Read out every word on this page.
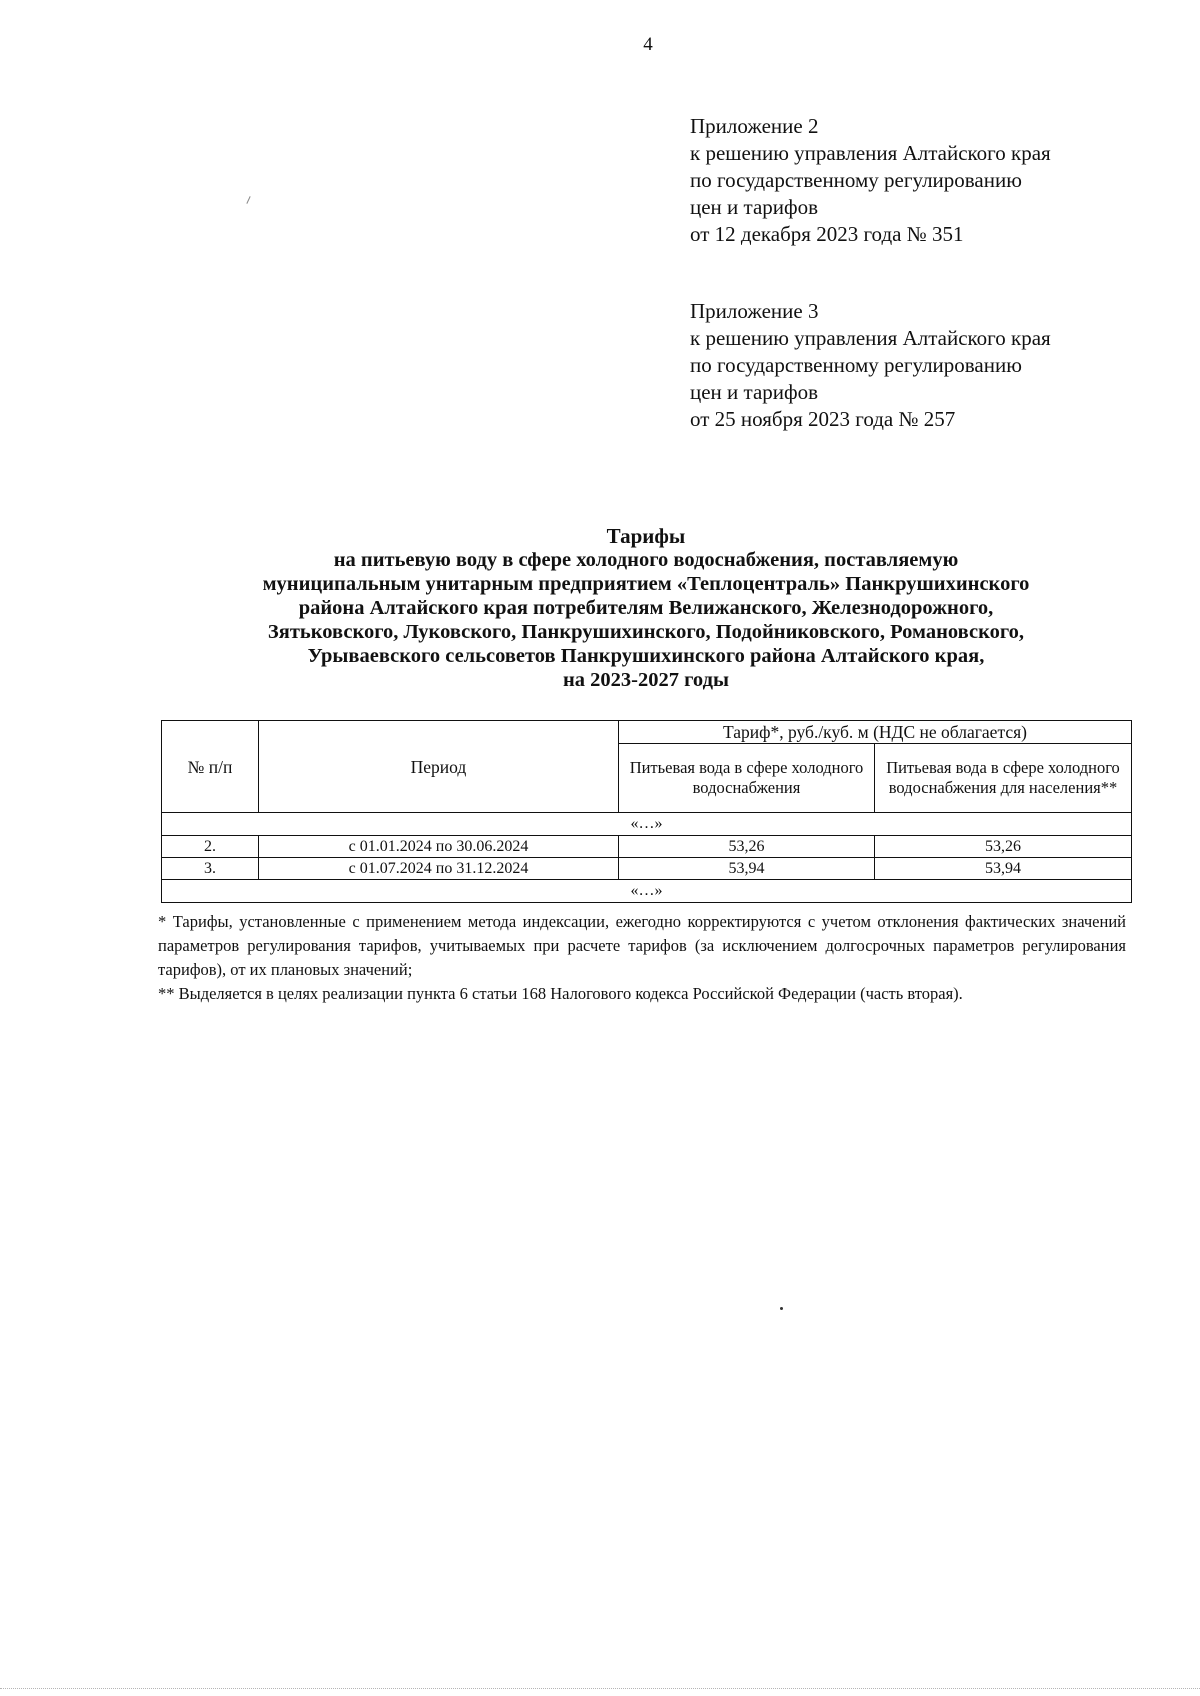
4
Приложение 2
к решению управления Алтайского края
по государственному регулированию
цен и тарифов
от 12 декабря 2023 года № 351
Приложение 3
к решению управления Алтайского края
по государственному регулированию
цен и тарифов
от 25 ноября 2023 года № 257
Тарифы
на питьевую воду в сфере холодного водоснабжения, поставляемую
муниципальным унитарным предприятием «Теплоцентраль» Панкрушихинского
района Алтайского края потребителям Велижанского, Железнодорожного,
Зятьковского, Луковского, Панкрушихинского, Подойниковского, Романовского,
Урываевского сельсоветов Панкрушихинского района Алтайского края,
на 2023-2027 годы
№ п/п	Период	Тариф*, руб./куб. м (НДС не облагается)	
		Питьевая вода в сфере холодного водоснабжения	Питьевая вода в сфере холодного водоснабжения для населения**
«…»			
2.	с 01.01.2024 по 30.06.2024	53,26	53,26
3.	с 01.07.2024 по 31.12.2024	53,94	53,94
«…»			

* Тарифы, установленные с применением метода индексации, ежегодно корректируются с учетом отклонения фактических значений параметров регулирования тарифов, учитываемых при расчете тарифов (за исключением долгосрочных параметров регулирования тарифов), от их плановых значений;

** Выделяется в целях реализации пункта 6 статьи 168 Налогового кодекса Российской Федерации (часть вторая).
